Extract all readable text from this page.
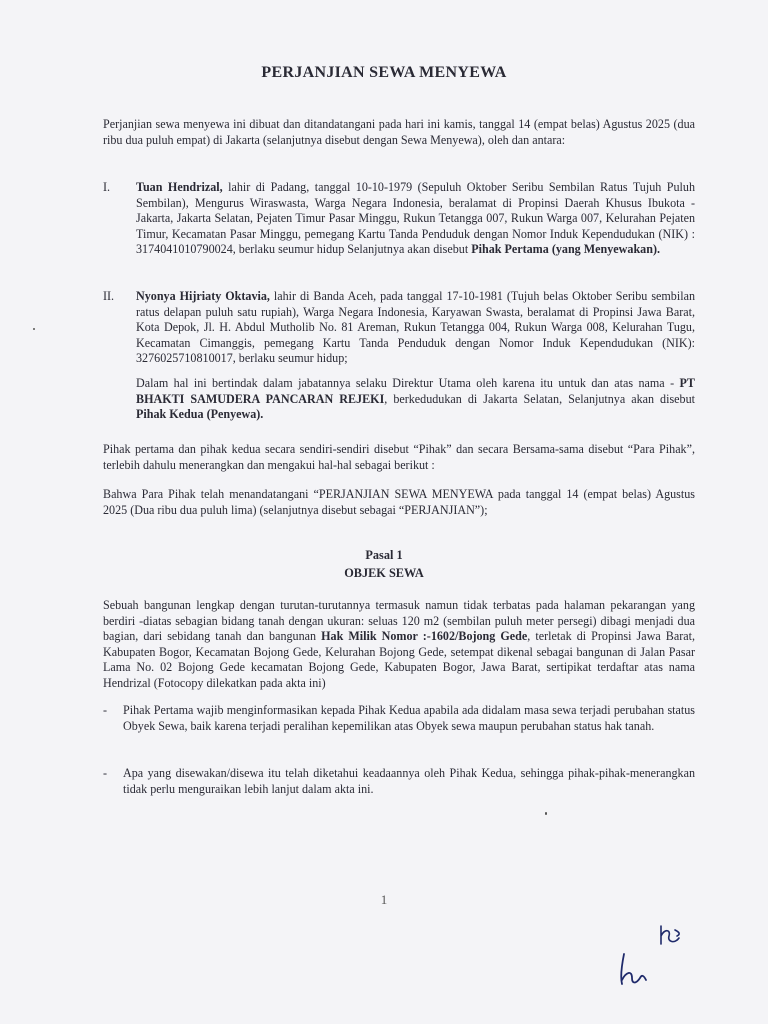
PERJANJIAN SEWA MENYEWA
Perjanjian sewa menyewa ini dibuat dan ditandatangani pada hari ini kamis, tanggal 14 (empat belas) Agustus 2025 (dua ribu dua puluh empat) di Jakarta (selanjutnya disebut dengan Sewa Menyewa), oleh dan antara:
I.	Tuan Hendrizal, lahir di Padang, tanggal 10-10-1979 (Sepuluh Oktober Seribu Sembilan Ratus Tujuh Puluh Sembilan), Mengurus Wiraswasta, Warga Negara Indonesia, beralamat di Propinsi Daerah Khusus Ibukota -Jakarta, Jakarta Selatan, Pejaten Timur Pasar Minggu, Rukun Tetangga 007, Rukun Warga 007, Kelurahan Pejaten Timur, Kecamatan Pasar Minggu, pemegang Kartu Tanda Penduduk dengan Nomor Induk Kependudukan (NIK) : 3174041010790024, berlaku seumur hidup Selanjutnya akan disebut Pihak Pertama (yang Menyewakan).
II.	Nyonya Hijriaty Oktavia, lahir di Banda Aceh, pada tanggal 17-10-1981 (Tujuh belas Oktober Seribu sembilan ratus delapan puluh satu rupiah), Warga Negara Indonesia, Karyawan Swasta, beralamat di Propinsi Jawa Barat, Kota Depok, Jl. H. Abdul Mutholib No. 81 Areman, Rukun Tetangga 004, Rukun Warga 008, Kelurahan Tugu, Kecamatan Cimanggis, pemegang Kartu Tanda Penduduk dengan Nomor Induk Kependudukan (NIK): 3276025710810017, berlaku seumur hidup;
Dalam hal ini bertindak dalam jabatannya selaku Direktur Utama oleh karena itu untuk dan atas nama - PT BHAKTI SAMUDERA PANCARAN REJEKI, berkedudukan di Jakarta Selatan, Selanjutnya akan disebut Pihak Kedua (Penyewa).
Pihak pertama dan pihak kedua secara sendiri-sendiri disebut “Pihak” dan secara Bersama-sama disebut “Para Pihak”, terlebih dahulu menerangkan dan mengakui hal-hal sebagai berikut :
Bahwa Para Pihak telah menandatangani “PERJANJIAN SEWA MENYEWA pada tanggal 14 (empat belas) Agustus 2025 (Dua ribu dua puluh lima) (selanjutnya disebut sebagai “PERJANJIAN”);
Pasal 1
OBJEK SEWA
Sebuah bangunan lengkap dengan turutan-turutannya termasuk namun tidak terbatas pada halaman pekarangan yang berdiri -diatas sebagian bidang tanah dengan ukuran: seluas 120 m2 (sembilan puluh meter persegi) dibagi menjadi dua bagian, dari sebidang tanah dan bangunan Hak Milik Nomor :-1602/Bojong Gede, terletak di Propinsi Jawa Barat, Kabupaten Bogor, Kecamatan Bojong Gede, Kelurahan Bojong Gede, setempat dikenal sebagai bangunan di Jalan Pasar Lama No. 02 Bojong Gede kecamatan Bojong Gede, Kabupaten Bogor, Jawa Barat, sertipikat terdaftar atas nama Hendrizal (Fotocopy dilekatkan pada akta ini)
- Pihak Pertama wajib menginformasikan kepada Pihak Kedua apabila ada didalam masa sewa terjadi perubahan status Obyek Sewa, baik karena terjadi peralihan kepemilikan atas Obyek sewa maupun perubahan status hak tanah.
- Apa yang disewakan/disewa itu telah diketahui keadaannya oleh Pihak Kedua, sehingga pihak-pihak-menerangkan tidak perlu menguraikan lebih lanjut dalam akta ini.
1
